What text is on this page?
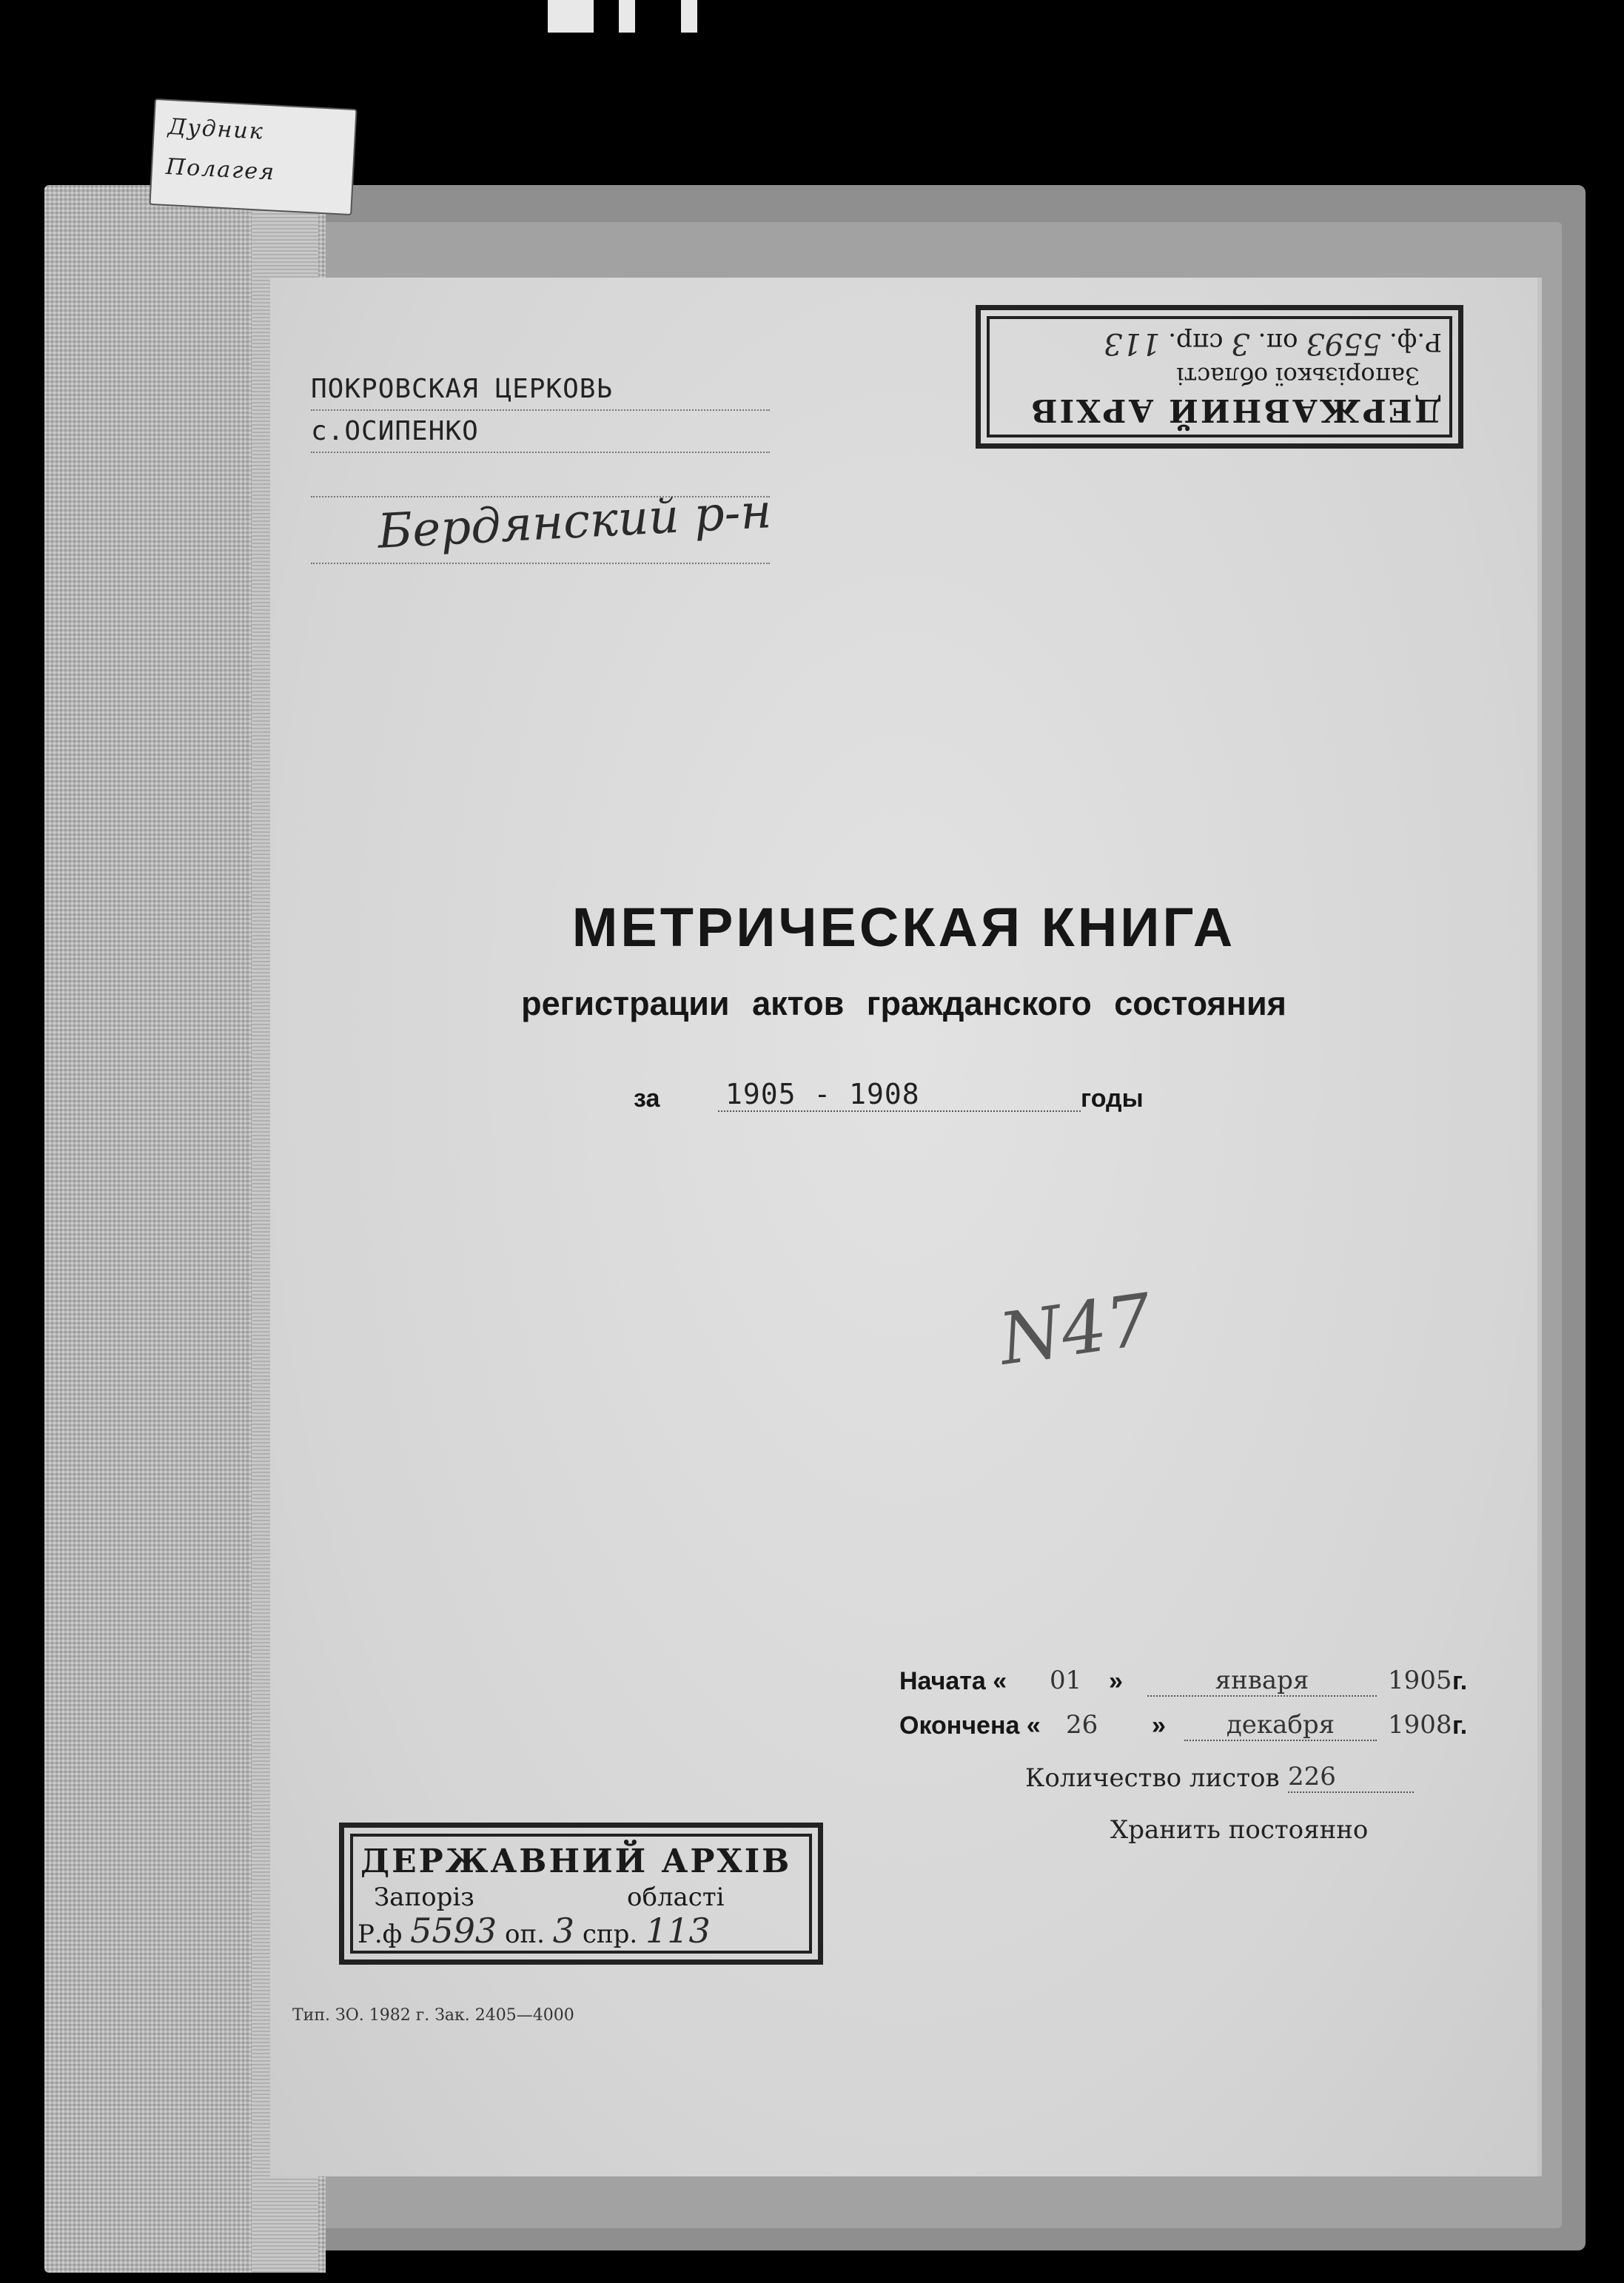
Дудник
Полагея
ПОКРОВСКАЯ ЦЕРКОВЬ
с.ОСИПЕНКО
Бердянский р-н
ДЕРЖАВНИЙ АРХІВ
Запорізької області
Р.ф. 5593 оп. 3 спр. 113
МЕТРИЧЕСКАЯ КНИГА
регистрации актов гражданского состояния
за 1905 - 1908	годы
N47
Начата « 01 »	января	1905 г.
Окончена « 26 »	декабря	1908 г.
Количество листов 226
Хранить постоянно
ДЕРЖАВНИЙ АРХІВ
Запоріз	області
Р.ф 5593 оп. 3 спр. 113
Тип. ЗО. 1982 г. Зак. 2405—4000
